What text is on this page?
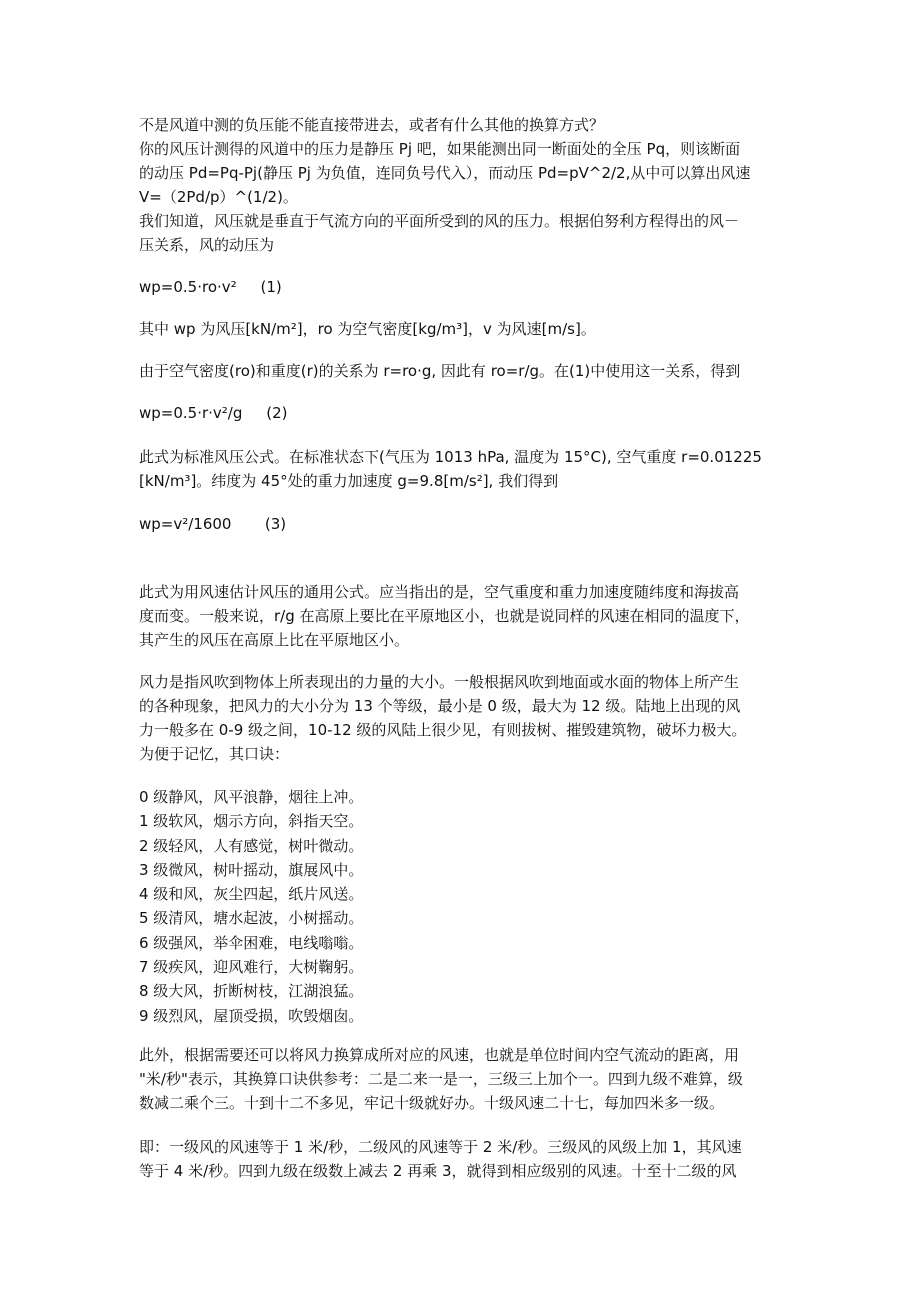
不是风道中测的负压能不能直接带进去，或者有什么其他的换算方式？
你的风压计测得的风道中的压力是静压 Pj 吧，如果能测出同一断面处的全压 Pq，则该断面
的动压 Pd=Pq-Pj(静压 Pj 为负值，连同负号代入），而动压 Pd=pV^2/2,从中可以算出风速
V=（2Pd/p）^(1/2)。
我们知道，风压就是垂直于气流方向的平面所受到的风的压力。根据伯努利方程得出的风－
压关系，风的动压为
wp=0.5·ro·v²     (1)
其中 wp 为风压[kN/m²]，ro 为空气密度[kg/m³]，v 为风速[m/s]。
由于空气密度(ro)和重度(r)的关系为 r=ro·g, 因此有 ro=r/g。在(1)中使用这一关系，得到
wp=0.5·r·v²/g     (2)
此式为标准风压公式。在标准状态下(气压为 1013 hPa, 温度为 15°C), 空气重度 r=0.01225
[kN/m³]。纬度为 45°处的重力加速度 g=9.8[m/s²], 我们得到
wp=v²/1600       (3)
此式为用风速估计风压的通用公式。应当指出的是，空气重度和重力加速度随纬度和海拔高
度而变。一般来说，r/g 在高原上要比在平原地区小，也就是说同样的风速在相同的温度下，
其产生的风压在高原上比在平原地区小。
风力是指风吹到物体上所表现出的力量的大小。一般根据风吹到地面或水面的物体上所产生
的各种现象，把风力的大小分为 13 个等级，最小是 0 级，最大为 12 级。陆地上出现的风
力一般多在 0-9 级之间，10-12 级的风陆上很少见，有则拔树、摧毁建筑物，破坏力极大。
为便于记忆，其口诀：
0 级静风，风平浪静，烟往上冲。
1 级软风，烟示方向，斜指天空。
2 级轻风，人有感觉，树叶微动。
3 级微风，树叶摇动，旗展风中。
4 级和风，灰尘四起，纸片风送。
5 级清风，塘水起波，小树摇动。
6 级强风，举伞困难，电线嗡嗡。
7 级疾风，迎风难行，大树鞠躬。
8 级大风，折断树枝，江湖浪猛。
9 级烈风，屋顶受损，吹毁烟囱。
此外，根据需要还可以将风力换算成所对应的风速，也就是单位时间内空气流动的距离，用
"米/秒"表示，其换算口诀供参考：二是二来一是一，三级三上加个一。四到九级不难算，级
数减二乘个三。十到十二不多见，牢记十级就好办。十级风速二十七，每加四米多一级。
即：一级风的风速等于 1 米/秒，二级风的风速等于 2 米/秒。三级风的风级上加 1，其风速
等于 4 米/秒。四到九级在级数上减去 2 再乘 3，就得到相应级别的风速。十至十二级的风
